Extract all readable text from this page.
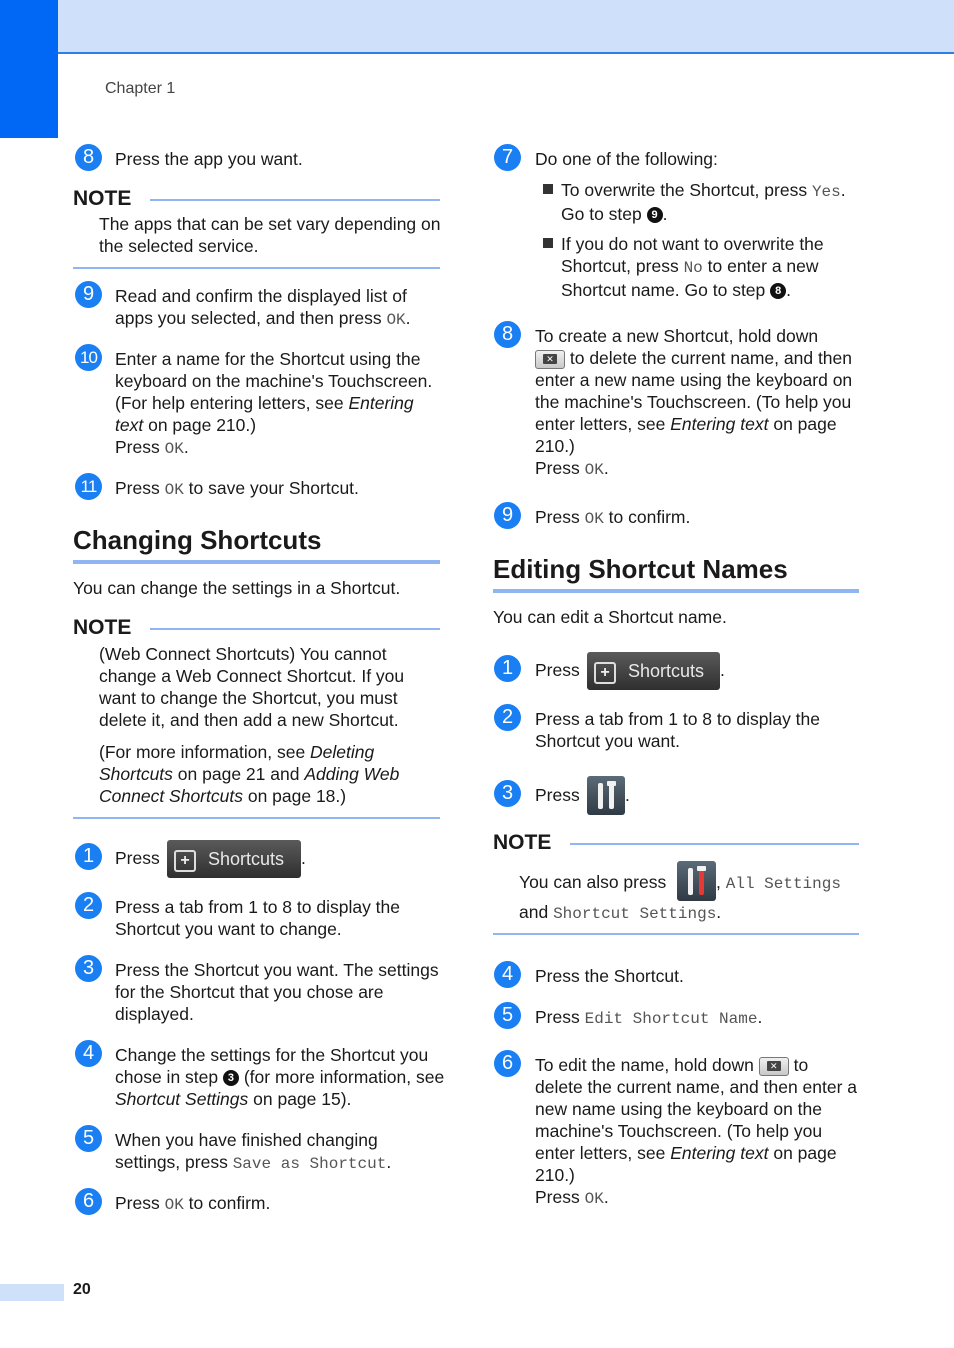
Chapter 1
20
8	Press the app you want.
NOTE
The apps that can be set vary depending on the selected service.
9	Read and confirm the displayed list of apps you selected, and then press OK.
10 Enter a name for the Shortcut using the keyboard on the machine's Touchscreen. (For help entering letters, see Entering text on page 210.)
Press OK.
11	Press OK to save your Shortcut.
Changing Shortcuts
You can change the settings in a Shortcut.
NOTE
(Web Connect Shortcuts) You cannot change a Web Connect Shortcut. If you want to change the Shortcut, you must delete it, and then add a new Shortcut.
(For more information, see Deleting Shortcuts on page 21 and Adding Web Connect Shortcuts on page 18.)
1	Press	+	Shortcuts .
2	Press a tab from 1 to 8 to display the Shortcut you want to change.
3	Press the Shortcut you want. The settings for the Shortcut that you chose are displayed.
4	Change the settings for the Shortcut you chose in step 3 (for more information, see Shortcut Settings on page 15).
5	When you have finished changing settings, press Save as Shortcut.
6	Press OK to confirm.
7	Do one of the following:
To overwrite the Shortcut, press Yes. Go to step 9 .
If you do not want to overwrite the Shortcut, press No to enter a new Shortcut name. Go to step 8 .
8	To create a new Shortcut, hold down

✕ to delete the current name, and then enter a new name using the keyboard on the machine's Touchscreen. (To help you enter letters, see Entering text on page 210.)
Press OK.
9	Press OK to confirm.
Editing Shortcut Names
You can edit a Shortcut name.
1	Press	+	Shortcuts .
2	Press a tab from 1 to 8 to display the Shortcut you want.
3	Press	.
NOTE
You can also press	, All Settings
and Shortcut Settings.
4	Press the Shortcut.
5	Press Edit Shortcut Name.
6	To edit the name, hold down	✕ to delete the current name, and then enter a new name using the keyboard on the machine's Touchscreen. (To help you enter letters, see Entering text on page 210.)
Press OK.
